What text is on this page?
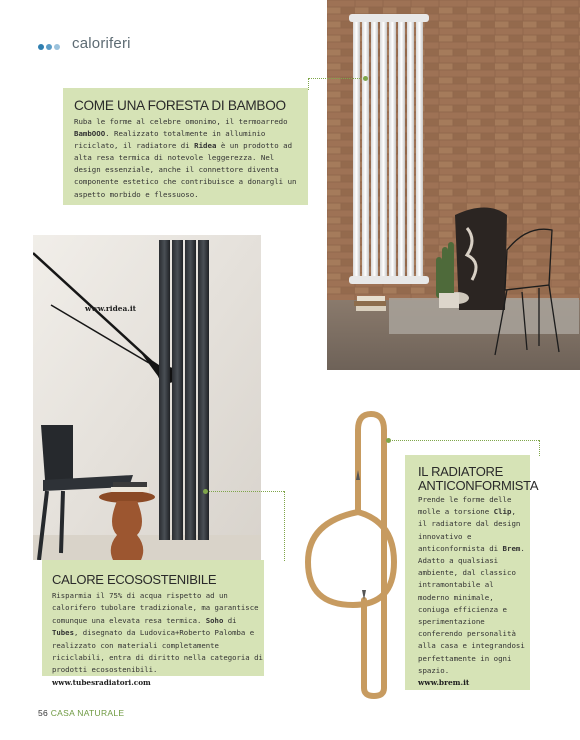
caloriferi
COME UNA FORESTA DI BAMBOO

Ruba le forme al celebre omonimo, il termoarredo BambOOO. Realizzato totalmente in alluminio riciclato, il radiatore di Ridea è un prodotto ad alta resa termica di notevole leggerezza. Nel design essenziale, anche il connettore diventa componente estetico che contribuisce a donargli un aspetto morbido e flessuoso.

www.ridea.it

CALORE ECOSOSTENIBILE

Risparmia il 75% di acqua rispetto ad un calorifero tubolare tradizionale, ma garantisce comunque una elevata resa termica. Soho di Tubes, disegnato da Ludovica+Roberto Palomba e realizzato con materiali completamente riciclabili, entra di diritto nella categoria di prodotti ecosostenibili.
www.tubesradiatori.com

IL RADIATORE ANTICONFORMISTA

Prende le forme delle molle a torsione Clip, il radiatore dal design innovativo e anticonformista di Brem. Adatto a qualsiasi ambiente, dal classico intramontabile al moderno minimale, coniuga efficienza e sperimentazione conferendo personalità alla casa e integrandosi perfettamente in ogni spazio.
www.brem.it

56 CASA NATURALE
